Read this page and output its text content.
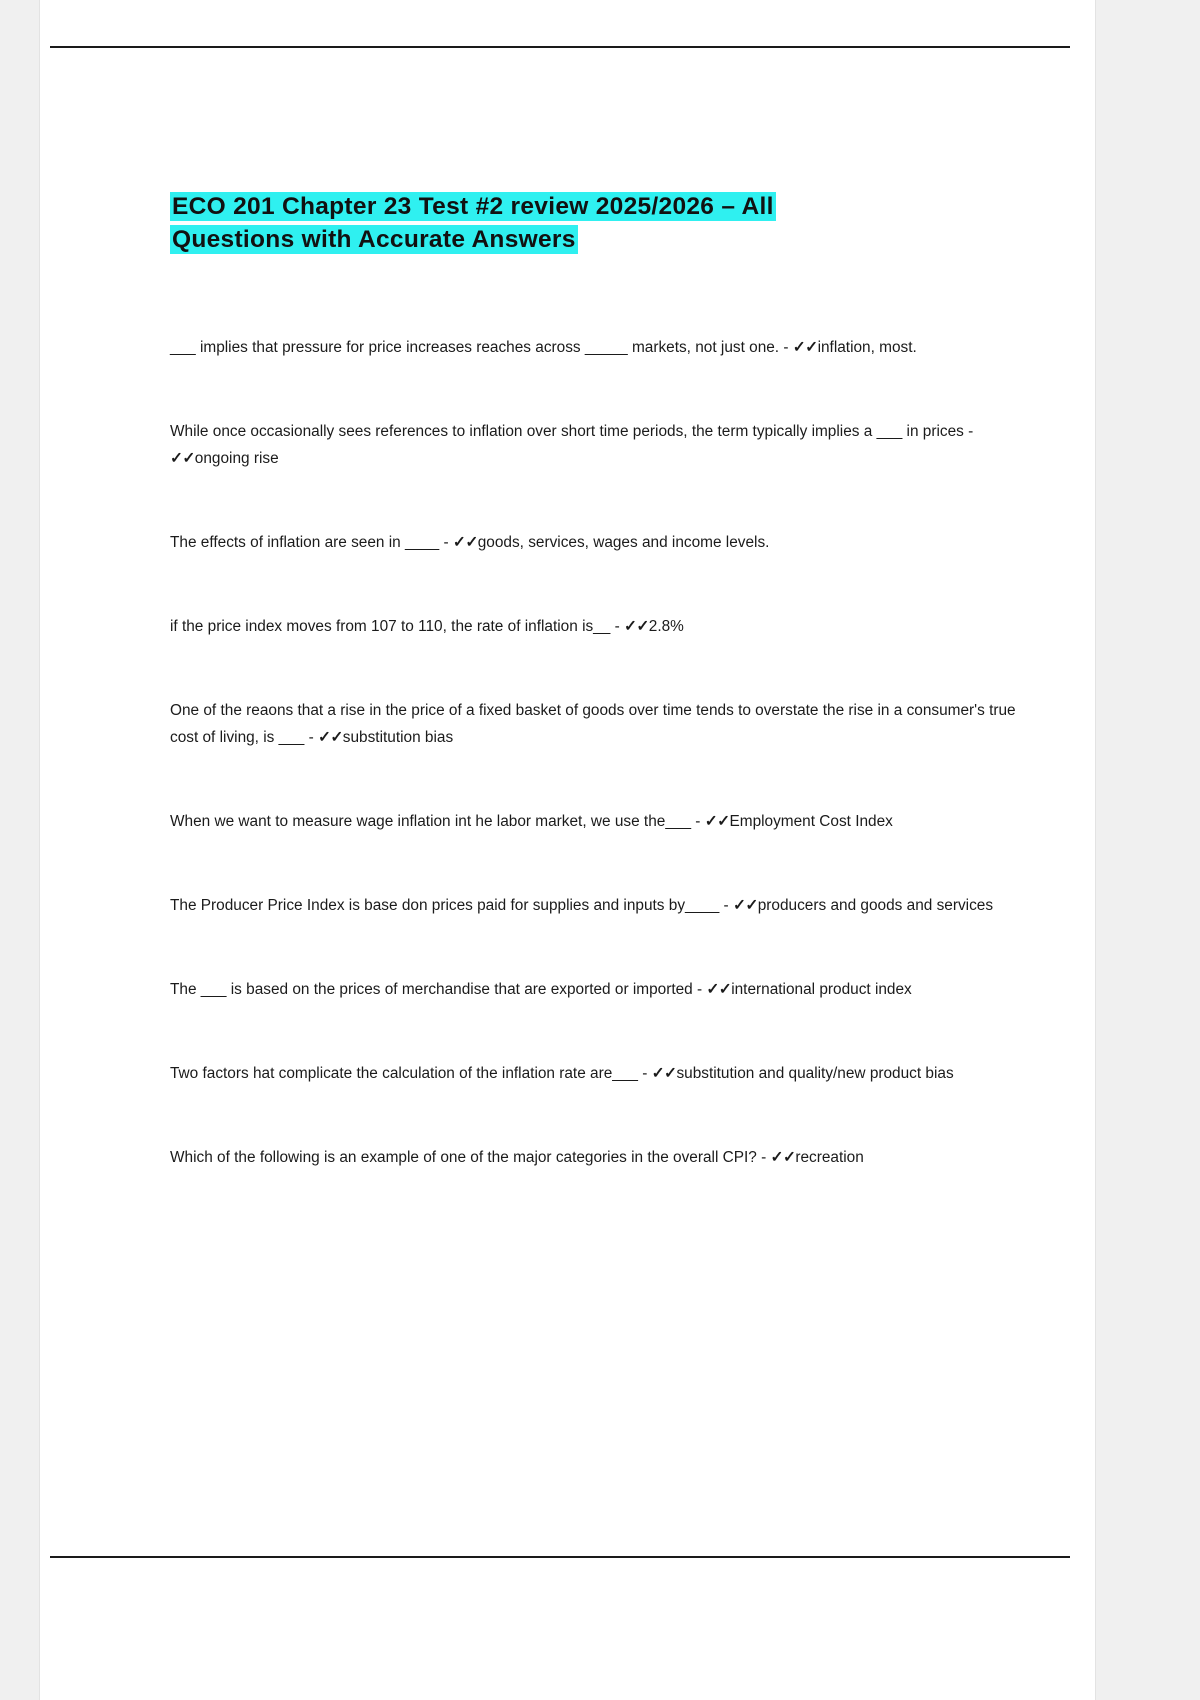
ECO 201 Chapter 23 Test #2 review 2025/2026 – All
Questions with Accurate Answers

___ implies that pressure for price increases reaches across _____ markets, not just one. - ✓✓inflation, most.

While once occasionally sees references to inflation over short time periods, the term typically implies a ___ in prices - ✓✓ongoing rise

The effects of inflation are seen in ____ - ✓✓goods, services, wages and income levels.

if the price index moves from 107 to 110, the rate of inflation is__ - ✓✓2.8%

One of the reaons that a rise in the price of a fixed basket of goods over time tends to overstate the rise in a consumer's true cost of living, is ___ - ✓✓substitution bias

When we want to measure wage inflation int he labor market, we use the___ - ✓✓Employment Cost Index

The Producer Price Index is base don prices paid for supplies and inputs by____ - ✓✓producers and goods and services

The ___ is based on the prices of merchandise that are exported or imported - ✓✓international product index

Two factors hat complicate the calculation of the inflation rate are___ - ✓✓substitution and quality/new product bias

Which of the following is an example of one of the major categories in the overall CPI? - ✓✓recreation
